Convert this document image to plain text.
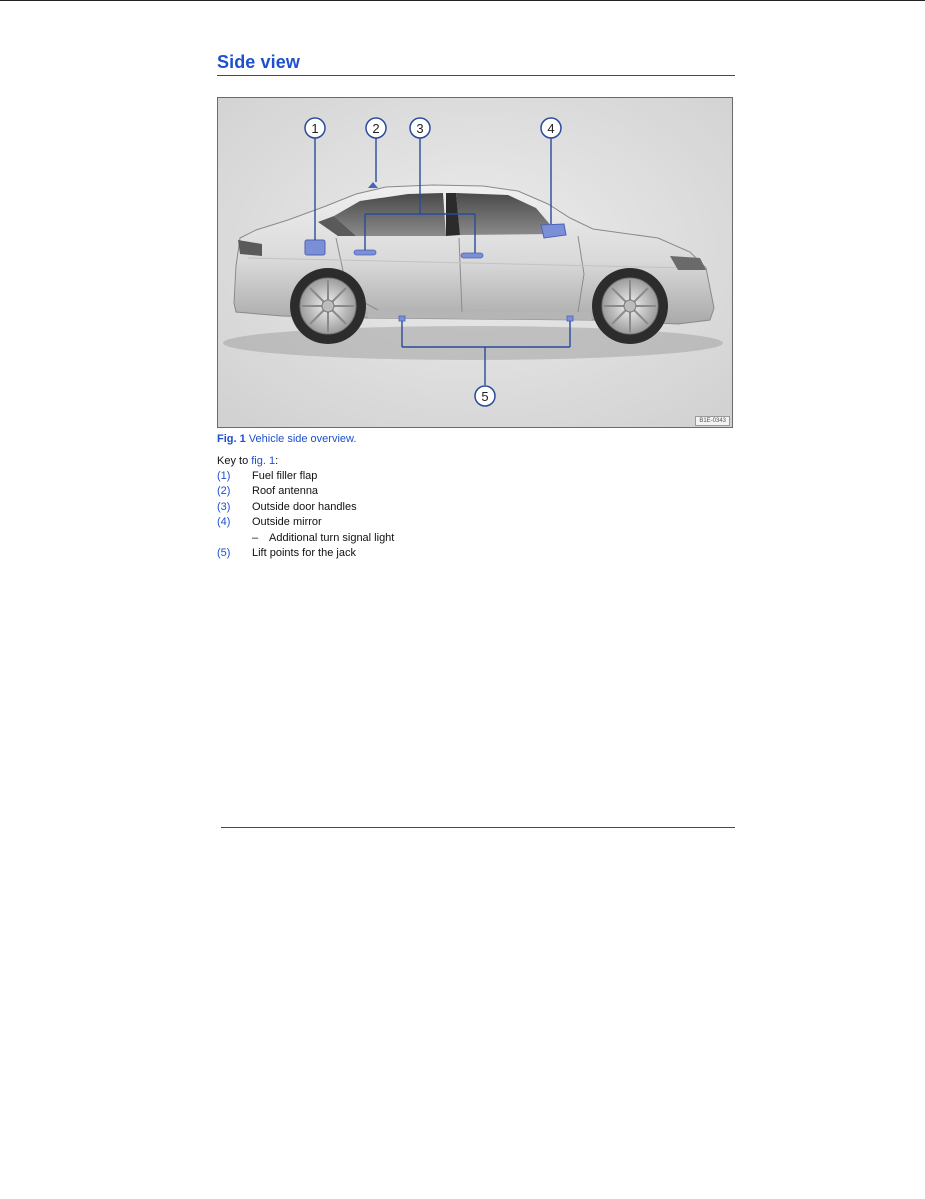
Side view
1	2	3	4
5
B1E-0343
Fig. 1 Vehicle side overview.
Key to fig. 1:
(1) Fuel filler flap
(2) Roof antenna
(3) Outside door handles
(4) Outside mirror
– Additional turn signal light
(5) Lift points for the jack
